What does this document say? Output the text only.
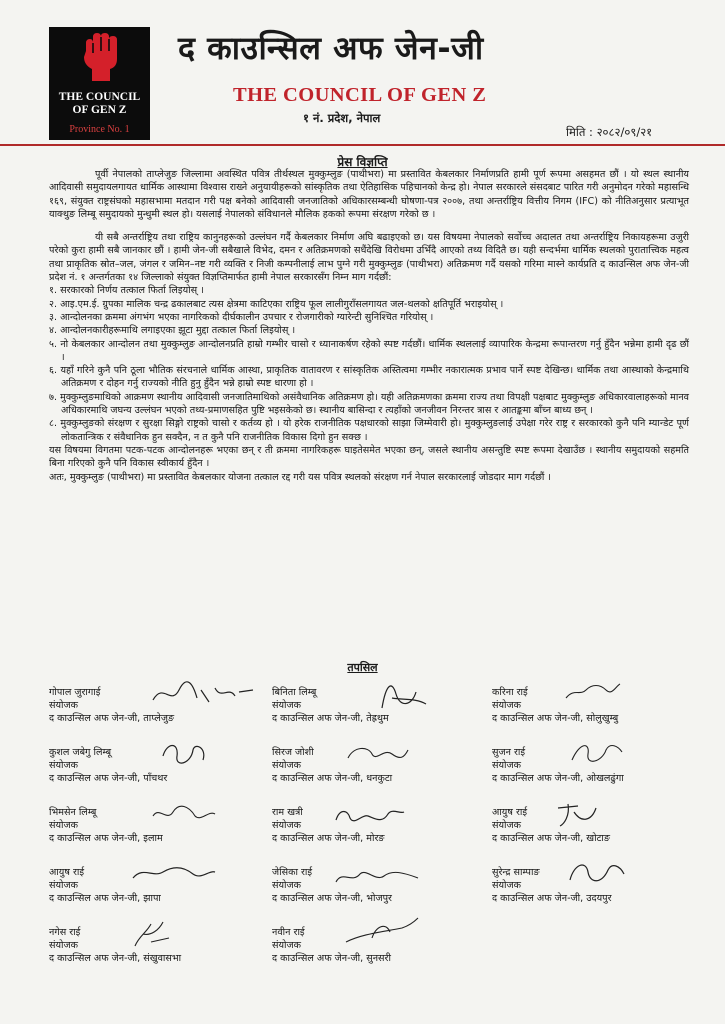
THE COUNCIL
OF GEN Z
Province No. 1
द काउन्सिल अफ जेन-जी
THE COUNCIL OF GEN Z
१ नं. प्रदेश, नेपाल
मिति : २०८२/०९/२१
प्रेस विज्ञप्ति

पूर्वी नेपालको ताप्लेजुङ जिल्लामा अवस्थित पवित्र तीर्थस्थल मुक्कुम्लुङ (पाथीभरा) मा प्रस्तावित केबलकार निर्माणप्रति हामी पूर्ण रूपमा असहमत छौं । यो स्थल स्थानीय आदिवासी समुदायलगायत धार्मिक आस्थामा विश्वास राख्ने अनुयायीहरूको सांस्कृतिक तथा ऐतिहासिक पहिचानको केन्द्र हो। नेपाल सरकारले संसदबाट पारित गरी अनुमोदन गरेको महासन्धि १६९, संयुक्त राष्ट्रसंघको महासभामा मतदान गरी पक्ष बनेको आदिवासी जनजातिको अधिकारसम्बन्धी घोषणा-पत्र २००७, तथा अन्तर्राष्ट्रिय वित्तीय निगम (IFC) को नीतिअनुसार प्रत्याभूत याक्थुङ लिम्बू समुदायको मुन्धुमी स्थल हो। यसलाई नेपालको संविधानले मौलिक हकको रूपमा संरक्षण गरेको छ ।

यी सबै अन्तर्राष्ट्रिय तथा राष्ट्रिय कानुनहरूको उल्लंघन गर्दै केबलकार निर्माण अघि बढाइएको छ। यस विषयमा नेपालको सर्वोच्च अदालत तथा अन्तर्राष्ट्रिय निकायहरूमा उजुरी परेको कुरा हामी सबै जानकार छौं । हामी जेन-जी सबैखाले विभेद, दमन र अतिक्रमणको सधैंदेखि विरोधमा उभिँदै आएको तथ्य विदितै छ। यही सन्दर्भमा धार्मिक स्थलको पुरातात्त्विक महत्व तथा प्राकृतिक स्रोत–जल, जंगल र जमिन–नष्ट गरी व्यक्ति र निजी कम्पनीलाई लाभ पुग्ने गरी मुक्कुम्लुङ (पाथीभरा) अतिक्रमण गर्दै यसको गरिमा मास्ने कार्यप्रति द काउन्सिल अफ जेन-जी प्रदेश नं. १ अन्तर्गतका १४ जिल्लाको संयुक्त विज्ञप्तिमार्फत हामी नेपाल सरकारसँग निम्न माग गर्दछौं:

१. सरकारको निर्णय तत्काल फिर्ता लिइयोस् ।

२. आइ.एम.ई. ग्रुपका मालिक चन्द्र ढकालबाट त्यस क्षेत्रमा काटिएका राष्ट्रिय फूल लालीगुराँसलगायत जल-थलको क्षतिपूर्ति भराइयोस् ।

३. आन्दोलनका क्रममा अंगभंग भएका नागरिकको दीर्घकालीन उपचार र रोजगारीको ग्यारेन्टी सुनिश्चित गरियोस् ।

४. आन्दोलनकारीहरूमाथि लगाइएका झूटा मुद्दा तत्काल फिर्ता लिइयोस् ।

५. नो केबलकार आन्दोलन तथा मुक्कुम्लुङ आन्दोलनप्रति हाम्रो गम्भीर चासो र ध्यानाकर्षण रहेको स्पष्ट गर्दछौं। धार्मिक स्थललाई व्यापारिक केन्द्रमा रूपान्तरण गर्नु हुँदैन भन्नेमा हामी दृढ छौं ।

६. यहाँ गरिने कुनै पनि ठूला भौतिक संरचनाले धार्मिक आस्था, प्राकृतिक वातावरण र सांस्कृतिक अस्तित्वमा गम्भीर नकारात्मक प्रभाव पार्ने स्पष्ट देखिन्छ। धार्मिक तथा आस्थाको केन्द्रमाथि अतिक्रमण र दोहन गर्नु राज्यको नीति हुनु हुँदैन भन्ने हाम्रो स्पष्ट धारणा हो ।

७. मुक्कुम्लुङमाथिको आक्रमण स्थानीय आदिवासी जनजातिमाथिको असंवैधानिक अतिक्रमण हो। यही अतिक्रमणका क्रममा राज्य तथा विपक्षी पक्षबाट मुक्कुम्लुङ अधिकारवालाहरूको मानव अधिकारमाथि जघन्य उल्लंघन भएको तथ्य-प्रमाणसहित पुष्टि भइसकेको छ। स्थानीय बासिन्दा र त्यहाँको जनजीवन निरन्तर त्रास र आतङ्कमा बाँच्न बाध्य छन् ।

८. मुक्कुम्लुङको संरक्षण र सुरक्षा सिङ्गो राष्ट्रको चासो र कर्तव्य हो । यो हरेक राजनीतिक पक्षधारको साझा जिम्मेवारी हो। मुक्कुम्लुङलाई उपेक्षा गरेर राष्ट्र र सरकारको कुनै पनि म्यान्डेट पूर्ण लोकतान्त्रिक र संवैधानिक हुन सक्दैन, न त कुनै पनि राजनीतिक विकास दिगो हुन सक्छ ।

यस विषयमा विगतमा पटक-पटक आन्दोलनहरू भएका छन् र ती क्रममा नागरिकहरू घाइतेसमेत भएका छन्, जसले स्थानीय असन्तुष्टि स्पष्ट रूपमा देखाउँछ । स्थानीय समुदायको सहमति बिना गरिएको कुनै पनि विकास स्वीकार्य हुँदैन ।

अतः, मुक्कुम्लुङ (पाथीभरा) मा प्रस्तावित केबलकार योजना तत्काल रद्द गरी यस पवित्र स्थलको संरक्षण गर्न नेपाल सरकारलाई जोडदार माग गर्दछौं ।

तपसिल
गोपाल जुरागाई
संयोजक
द काउन्सिल अफ जेन-जी, ताप्लेजुङ
बिनिता लिम्बू
संयोजक
द काउन्सिल अफ जेन-जी, तेह्रथुम
करिना राई
संयोजक
द काउन्सिल अफ जेन-जी, सोलुखुम्बु
कुशल जबेगु लिम्बू
संयोजक
द काउन्सिल अफ जेन-जी, पाँचथर
सिरज जोशी
संयोजक
द काउन्सिल अफ जेन-जी, धनकुटा
सुजन राई
संयोजक
द काउन्सिल अफ जेन-जी, ओखलढुंगा
भिमसेन लिम्बू
संयोजक
द काउन्सिल अफ जेन-जी, इलाम
राम खत्री
संयोजक
द काउन्सिल अफ जेन-जी, मोरङ
आयुष राई
संयोजक
द काउन्सिल अफ जेन-जी, खोटाङ
आयुष राई
संयोजक
द काउन्सिल अफ जेन-जी, झापा
जेसिका राई
संयोजक
द काउन्सिल अफ जेन-जी, भोजपुर
सुरेन्द्र साम्पाङ
संयोजक
द काउन्सिल अफ जेन-जी, उदयपुर
नगेस राई
संयोजक
द काउन्सिल अफ जेन-जी, संखुवासभा
नवीन राई
संयोजक
द काउन्सिल अफ जेन-जी, सुनसरी
